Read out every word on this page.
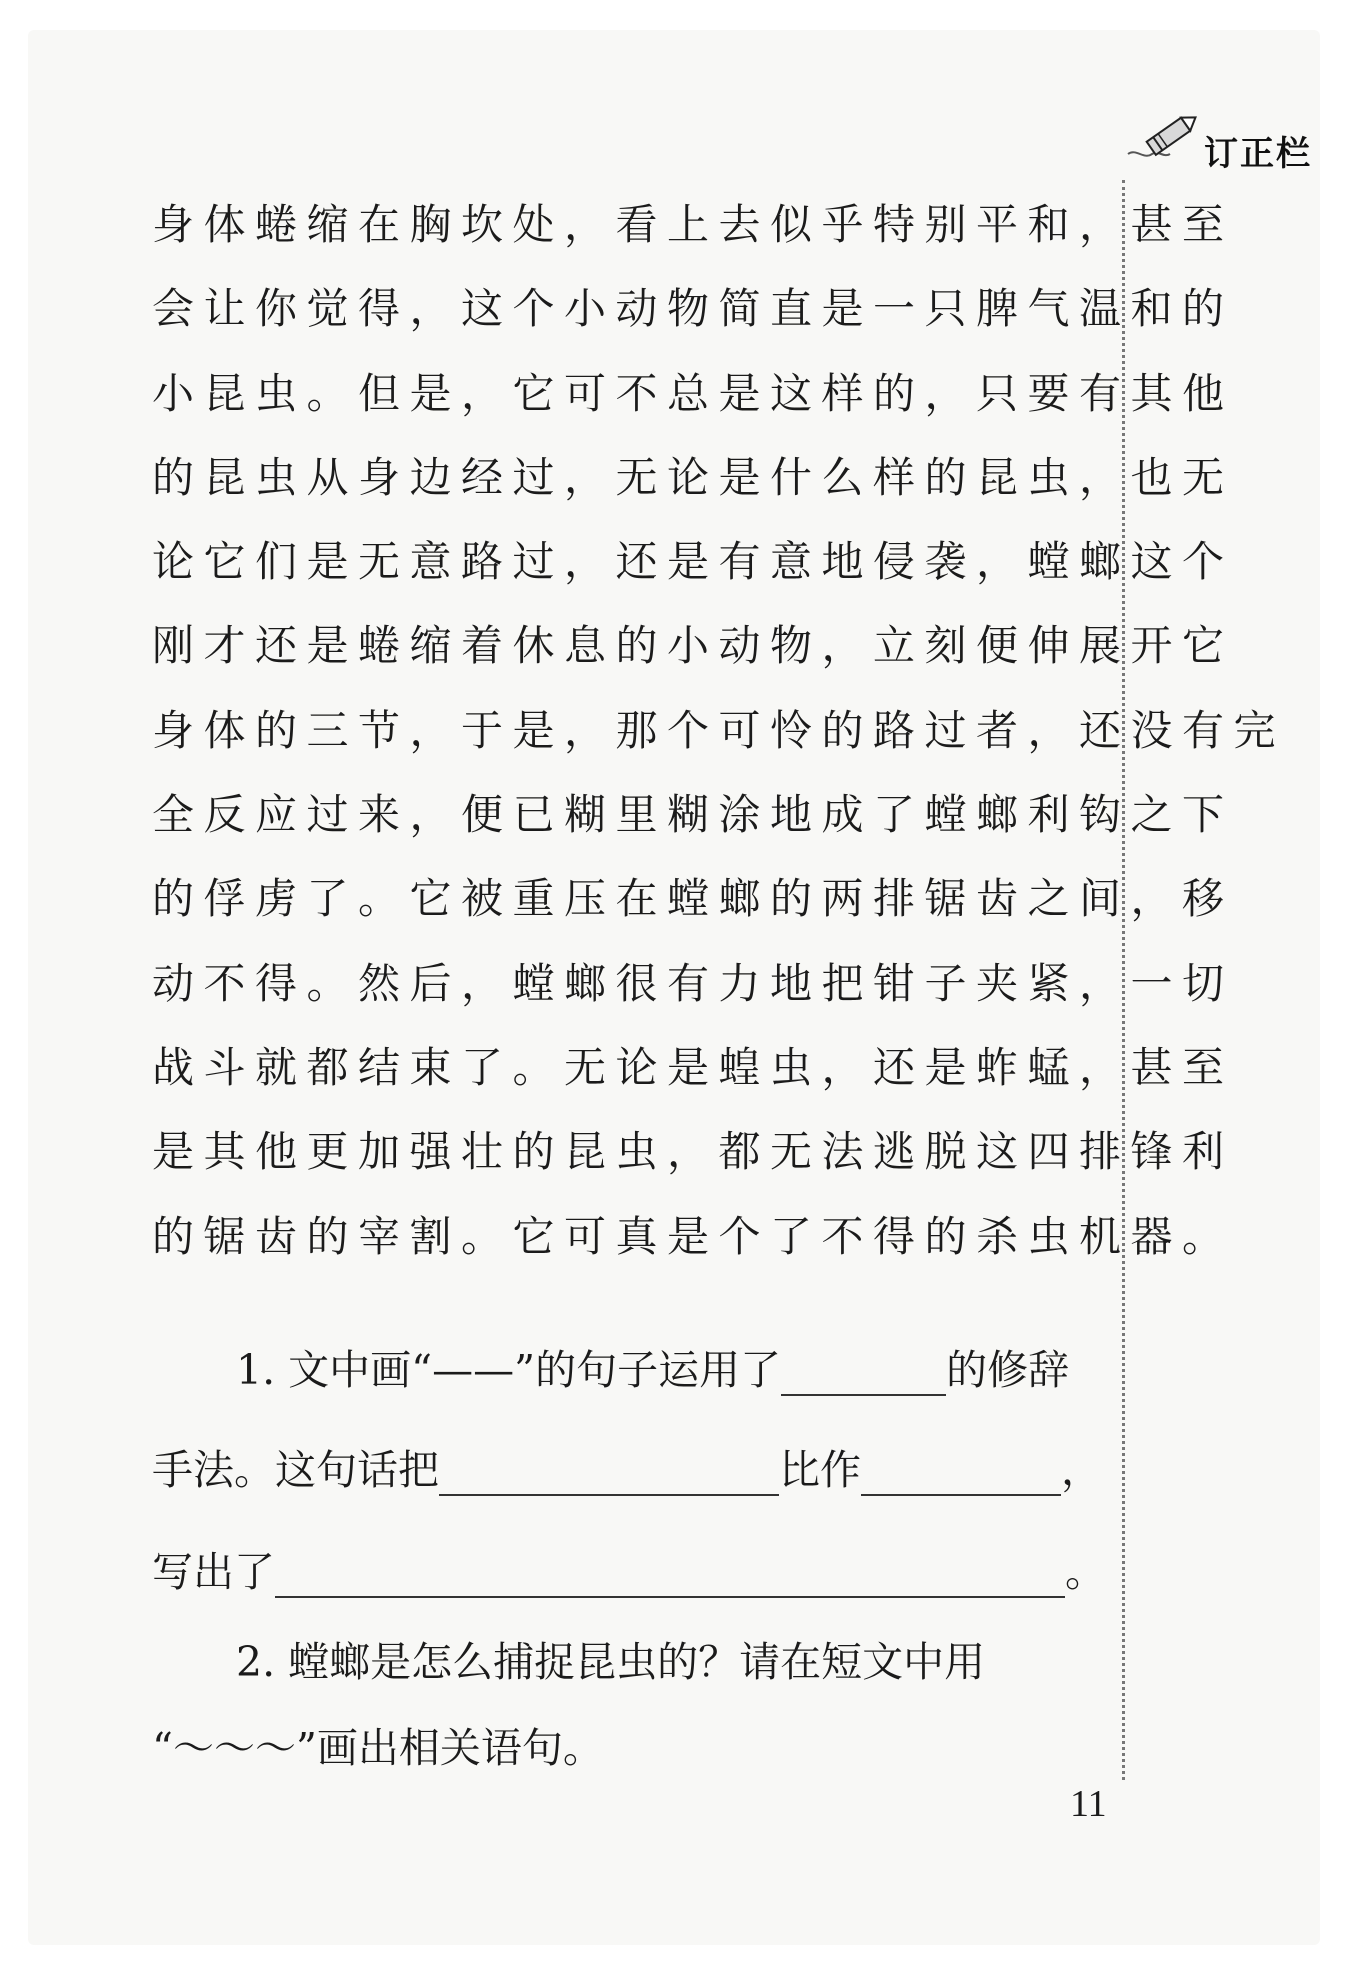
订正栏
身体蜷缩在胸坎处，看上去似乎特别平和，甚至
会让你觉得，这个小动物简直是一只脾气温和的
小昆虫。但是，它可不总是这样的，只要有其他
的昆虫从身边经过，无论是什么样的昆虫，也无
论它们是无意路过，还是有意地侵袭，螳螂这个
刚才还是蜷缩着休息的小动物，立刻便伸展开它
身体的三节，于是，那个可怜的路过者，还没有完
全反应过来，便已糊里糊涂地成了螳螂利钩之下
的俘虏了。它被重压在螳螂的两排锯齿之间，移
动不得。然后，螳螂很有力地把钳子夹紧，一切
战斗就都结束了。无论是蝗虫，还是蚱蜢，甚至
是其他更加强壮的昆虫，都无法逃脱这四排锋利
的锯齿的宰割。它可真是个了不得的杀虫机器。
1. 文中画“——”的句子运用了	的修辞
手法。这句话把	比作	，
写出了	。
2. 螳螂是怎么捕捉昆虫的？请在短文中用
“～～～”画出相关语句。
11
